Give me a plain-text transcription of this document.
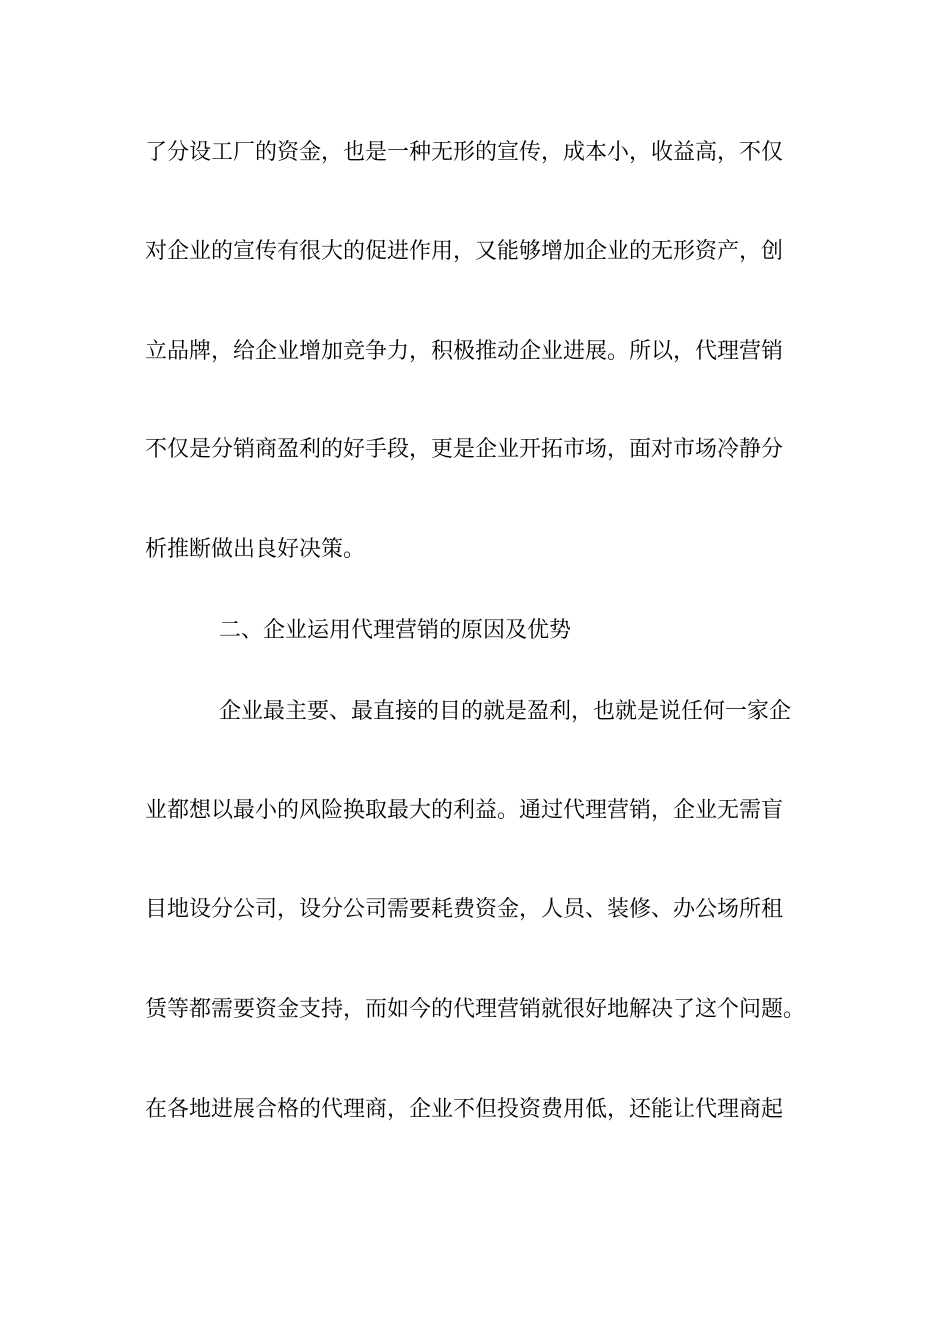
了分设工厂的资金，也是一种无形的宣传，成本小，收益高，不仅
对企业的宣传有很大的促进作用，又能够增加企业的无形资产，创
立品牌，给企业增加竞争力，积极推动企业进展。所以，代理营销
不仅是分销商盈利的好手段，更是企业开拓市场，面对市场冷静分
析推断做出良好决策。
二、企业运用代理营销的原因及优势
企业最主要、最直接的目的就是盈利，也就是说任何一家企
业都想以最小的风险换取最大的利益。通过代理营销，企业无需盲
目地设分公司，设分公司需要耗费资金，人员、装修、办公场所租
赁等都需要资金支持，而如今的代理营销就很好地解决了这个问题。
在各地进展合格的代理商，企业不但投资费用低，还能让代理商起
